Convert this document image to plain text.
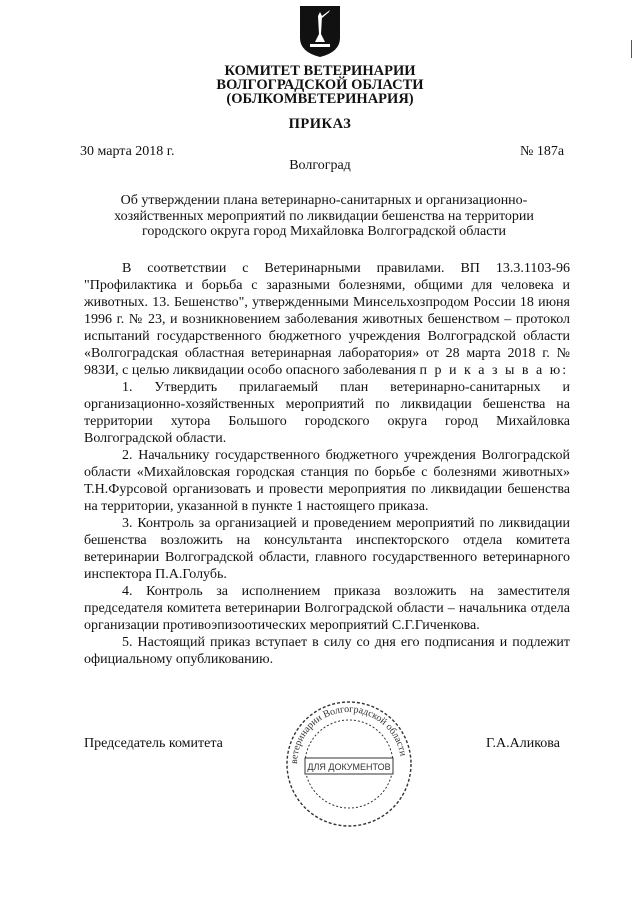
КОМИТЕТ ВЕТЕРИНАРИИ
ВОЛГОГРАДСКОЙ ОБЛАСТИ
(ОБЛКОМВЕТЕРИНАРИЯ)
ПРИКАЗ
30 марта 2018 г.	№ 187а
Волгоград
Об утверждении плана ветеринарно-санитарных и организационно-хозяйственных мероприятий по ликвидации бешенства на территории городского округа город Михайловка Волгоградской области

В соответствии с Ветеринарными правилами. ВП 13.3.1103-96 "Профилактика и борьба с заразными болезнями, общими для человека и животных. 13. Бешенство", утвержденными Минсельхозпродом России 18 июня 1996 г. № 23, и возникновением заболевания животных бешенством – протокол испытаний государственного бюджетного учреждения Волгоградской области «Волгоградская областная ветеринарная лаборатория» от 28 марта 2018 г. № 983И, с целью ликвидации особо опасного заболевания п р и к а з ы в а ю:

1. Утвердить прилагаемый план ветеринарно-санитарных и организационно-хозяйственных мероприятий по ликвидации бешенства на территории хутора Большого городского округа город Михайловка Волгоградской области.

2. Начальнику государственного бюджетного учреждения Волгоградской области «Михайловская городская станция по борьбе с болезнями животных» Т.Н.Фурсовой организовать и провести мероприятия по ликвидации бешенства на территории, указанной в пункте 1 настоящего приказа.

3. Контроль за организацией и проведением мероприятий по ликвидации бешенства возложить на консультанта инспекторского отдела комитета ветеринарии Волгоградской области, главного государственного ветеринарного инспектора П.А.Голубь.

4. Контроль за исполнением приказа возложить на заместителя председателя комитета ветеринарии Волгоградской области – начальника отдела организации противоэпизоотических мероприятий С.Г.Гиченкова.

5. Настоящий приказ вступает в силу со дня его подписания и подлежит официальному опубликованию.

Председатель комитета	Г.А.Аликова
ветеринарии Волгоградской области
ДЛЯ ДОКУМЕНТОВ
